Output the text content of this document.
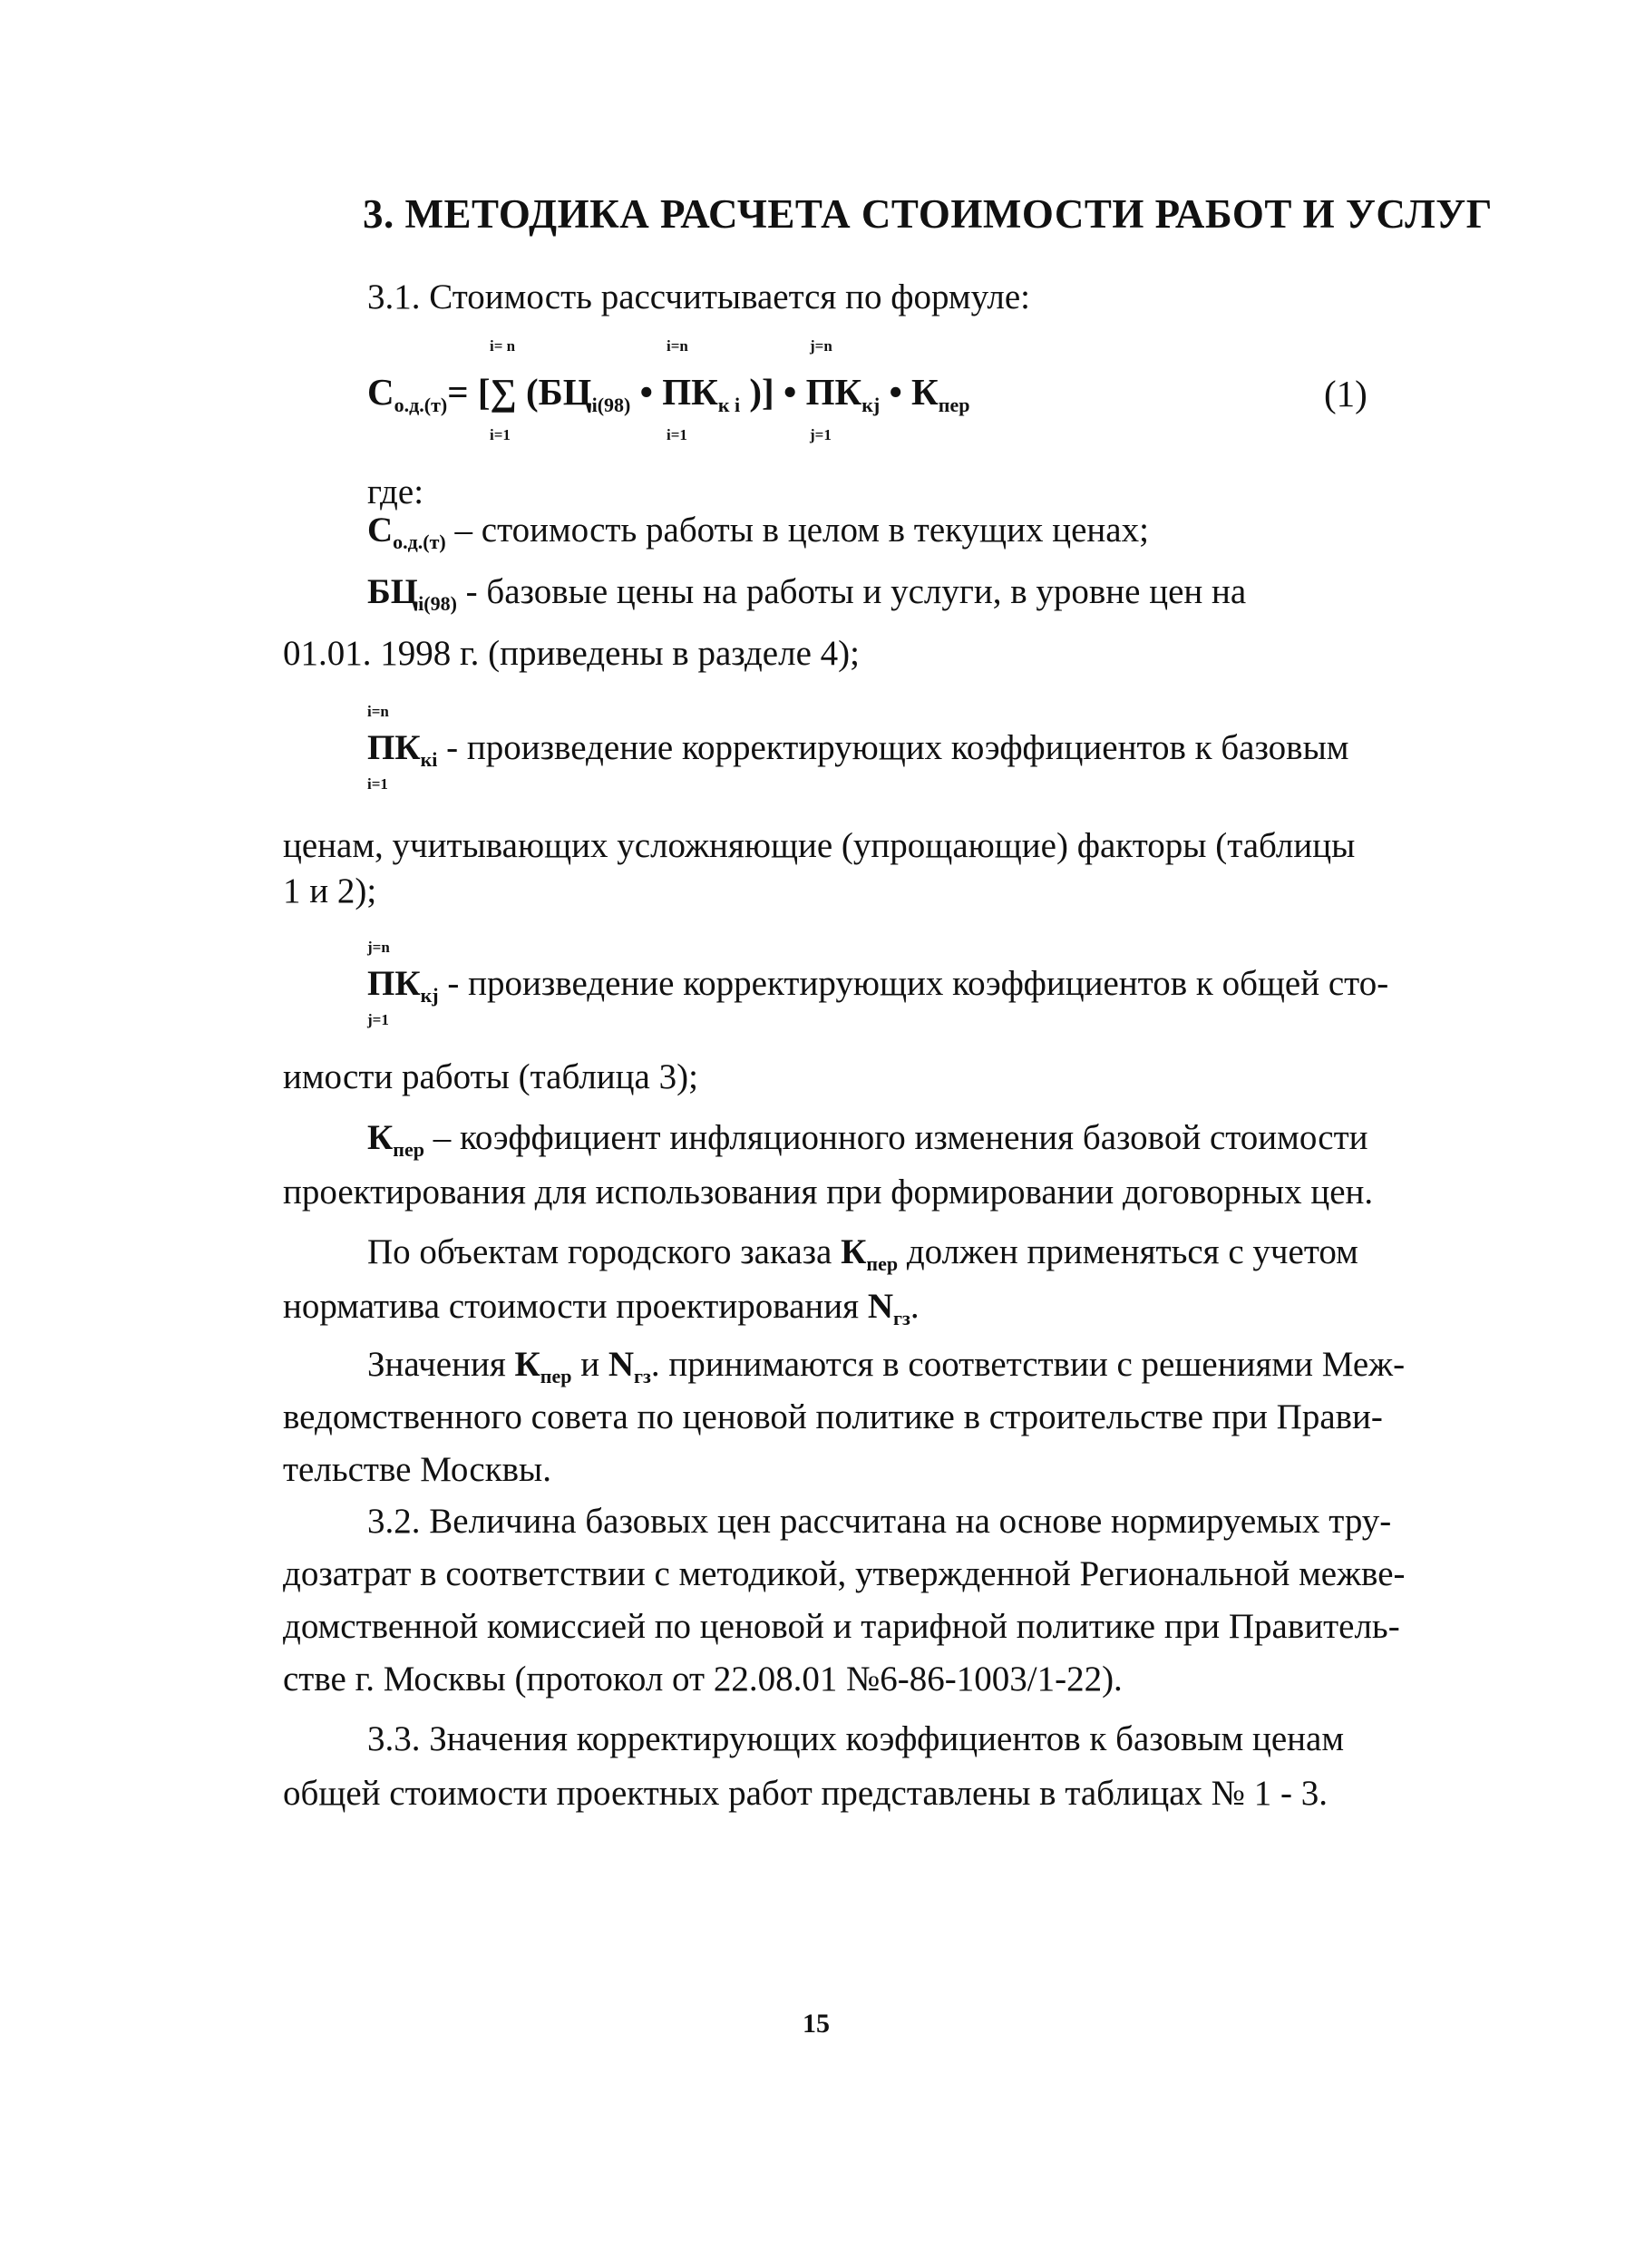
3. МЕТОДИКА РАСЧЕТА СТОИМОСТИ РАБОТ И УСЛУГ
3.1. Стоимость рассчитывается по формуле:
i= n	i=n	j=n
$С_{о.д.(т)}=$ [∑ ($БЦ_{i(98)}$ • $ПК_{к i}$ )] • $ПК_{кj}$ • $К_{пер}$	(1)
i=1	i=1	j=1
где:
$С_{о.д.(т)}$ – стоимость работы в целом в текущих ценах;
$БЦ_{i(98)}$ - базовые цены на работы и услуги, в уровне цен на
01.01. 1998 г. (приведены в разделе 4);
i=n
$ПК_{кi}$ - произведение корректирующих коэффициентов к базовым
i=1
ценам, учитывающих усложняющие (упрощающие) факторы (таблицы
1 и 2);
j=n
$ПК_{кj}$ - произведение корректирующих коэффициентов к общей сто-
j=1
имости работы (таблица 3);
$К_{пер}$ – коэффициент инфляционного изменения базовой стоимости
проектирования для использования при формировании договорных цен.
По объектам городского заказа $К_{пер}$ должен применяться с учетом
норматива стоимости проектирования $N_{гз}$.
Значения $К_{пер}$ и $N_{гз}$. принимаются в соответствии с решениями Меж-
ведомственного совета по ценовой политике в строительстве при Прави-
тельстве Москвы.
3.2. Величина базовых цен рассчитана на основе нормируемых тру-
дозатрат в соответствии с методикой, утвержденной Региональной межве-
домственной комиссией по ценовой и тарифной политике при Правитель-
стве г. Москвы (протокол от 22.08.01 №6-86-1003/1-22).
3.3. Значения корректирующих коэффициентов к базовым ценам
общей стоимости проектных работ представлены в таблицах № 1 - 3.
15
